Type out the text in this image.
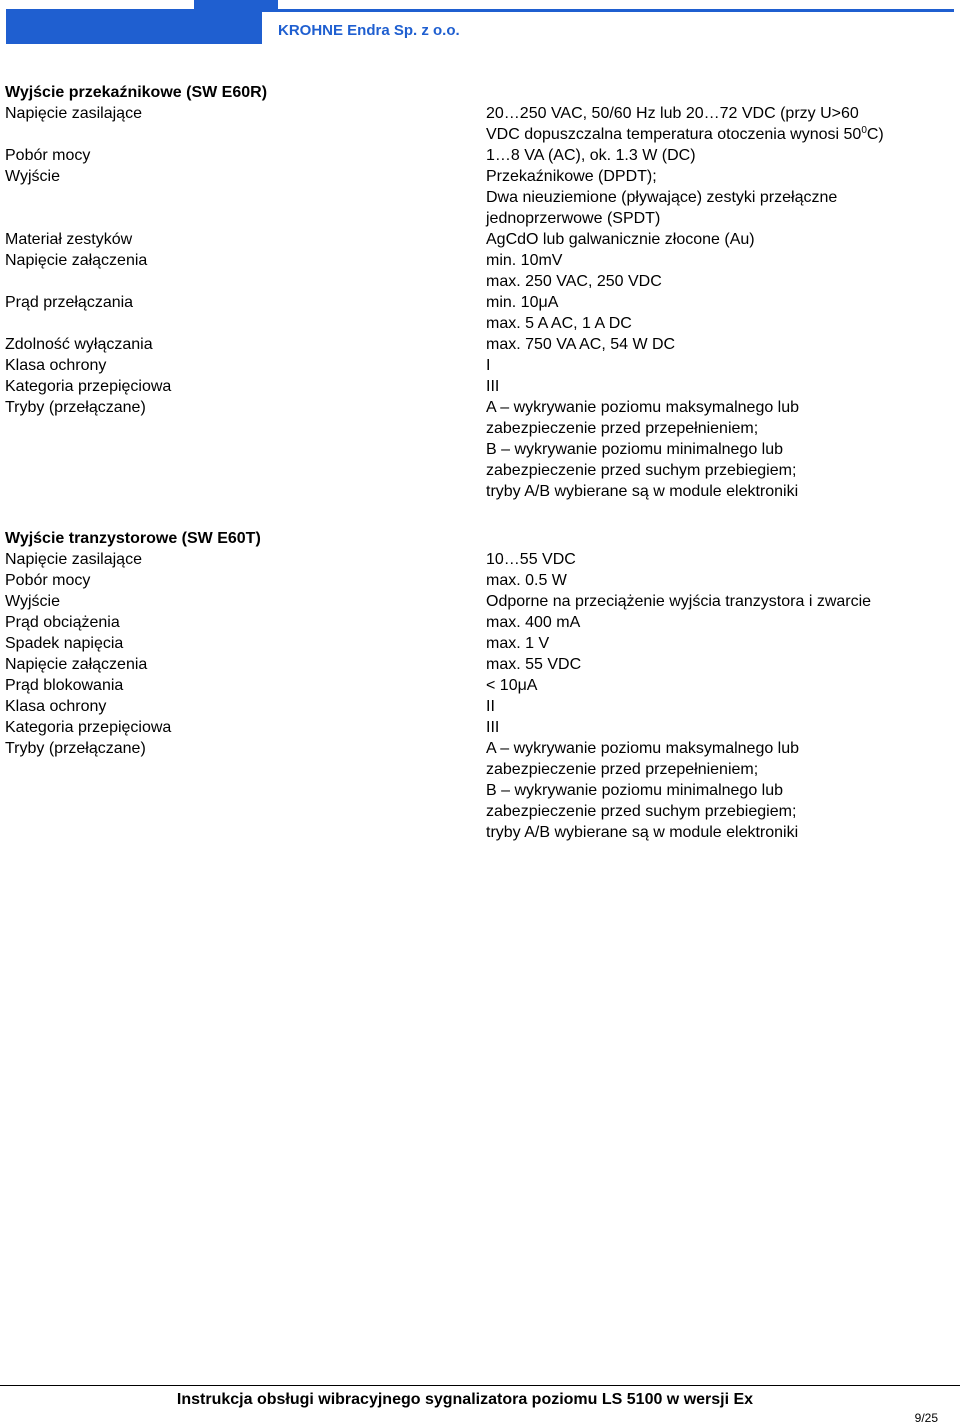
KROHNE Endra Sp. z o.o.
Wyjście przekaźnikowe (SW E60R)
Napięcie zasilające	20…250 VAC, 50/60 Hz lub 20…72 VDC (przy U>60
VDC dopuszczalna temperatura otoczenia wynosi $50^0C$)
Pobór mocy	1…8 VA (AC), ok. 1.3 W (DC)
Wyjście	Przekaźnikowe (DPDT);
Dwa nieuziemione (pływające) zestyki przełączne
jednoprzerwowe (SPDT)
Materiał zestyków	AgCdO lub galwanicznie złocone (Au)
Napięcie załączenia	min. 10mV
max. 250 VAC, 250 VDC
Prąd przełączania	min. 10μA
max. 5 A AC, 1 A DC
Zdolność wyłączania	max. 750 VA AC, 54 W DC
Klasa ochrony	I
Kategoria przepięciowa	III
Tryby (przełączane)	A – wykrywanie poziomu maksymalnego lub
zabezpieczenie przed przepełnieniem;
B – wykrywanie poziomu minimalnego lub
zabezpieczenie przed suchym przebiegiem;
tryby A/B wybierane są w module elektroniki
Wyjście tranzystorowe (SW E60T)
Napięcie zasilające	10…55 VDC
Pobór mocy	max. 0.5 W
Wyjście	Odporne na przeciążenie wyjścia tranzystora i zwarcie
Prąd obciążenia	max. 400 mA
Spadek napięcia	max. 1 V
Napięcie załączenia	max. 55 VDC
Prąd blokowania	< 10μA
Klasa ochrony	II
Kategoria przepięciowa	III
Tryby (przełączane)	A – wykrywanie poziomu maksymalnego lub
zabezpieczenie przed przepełnieniem;
B – wykrywanie poziomu minimalnego lub
zabezpieczenie przed suchym przebiegiem;
tryby A/B wybierane są w module elektroniki
Instrukcja obsługi wibracyjnego sygnalizatora poziomu LS 5100 w wersji Ex
9/25
